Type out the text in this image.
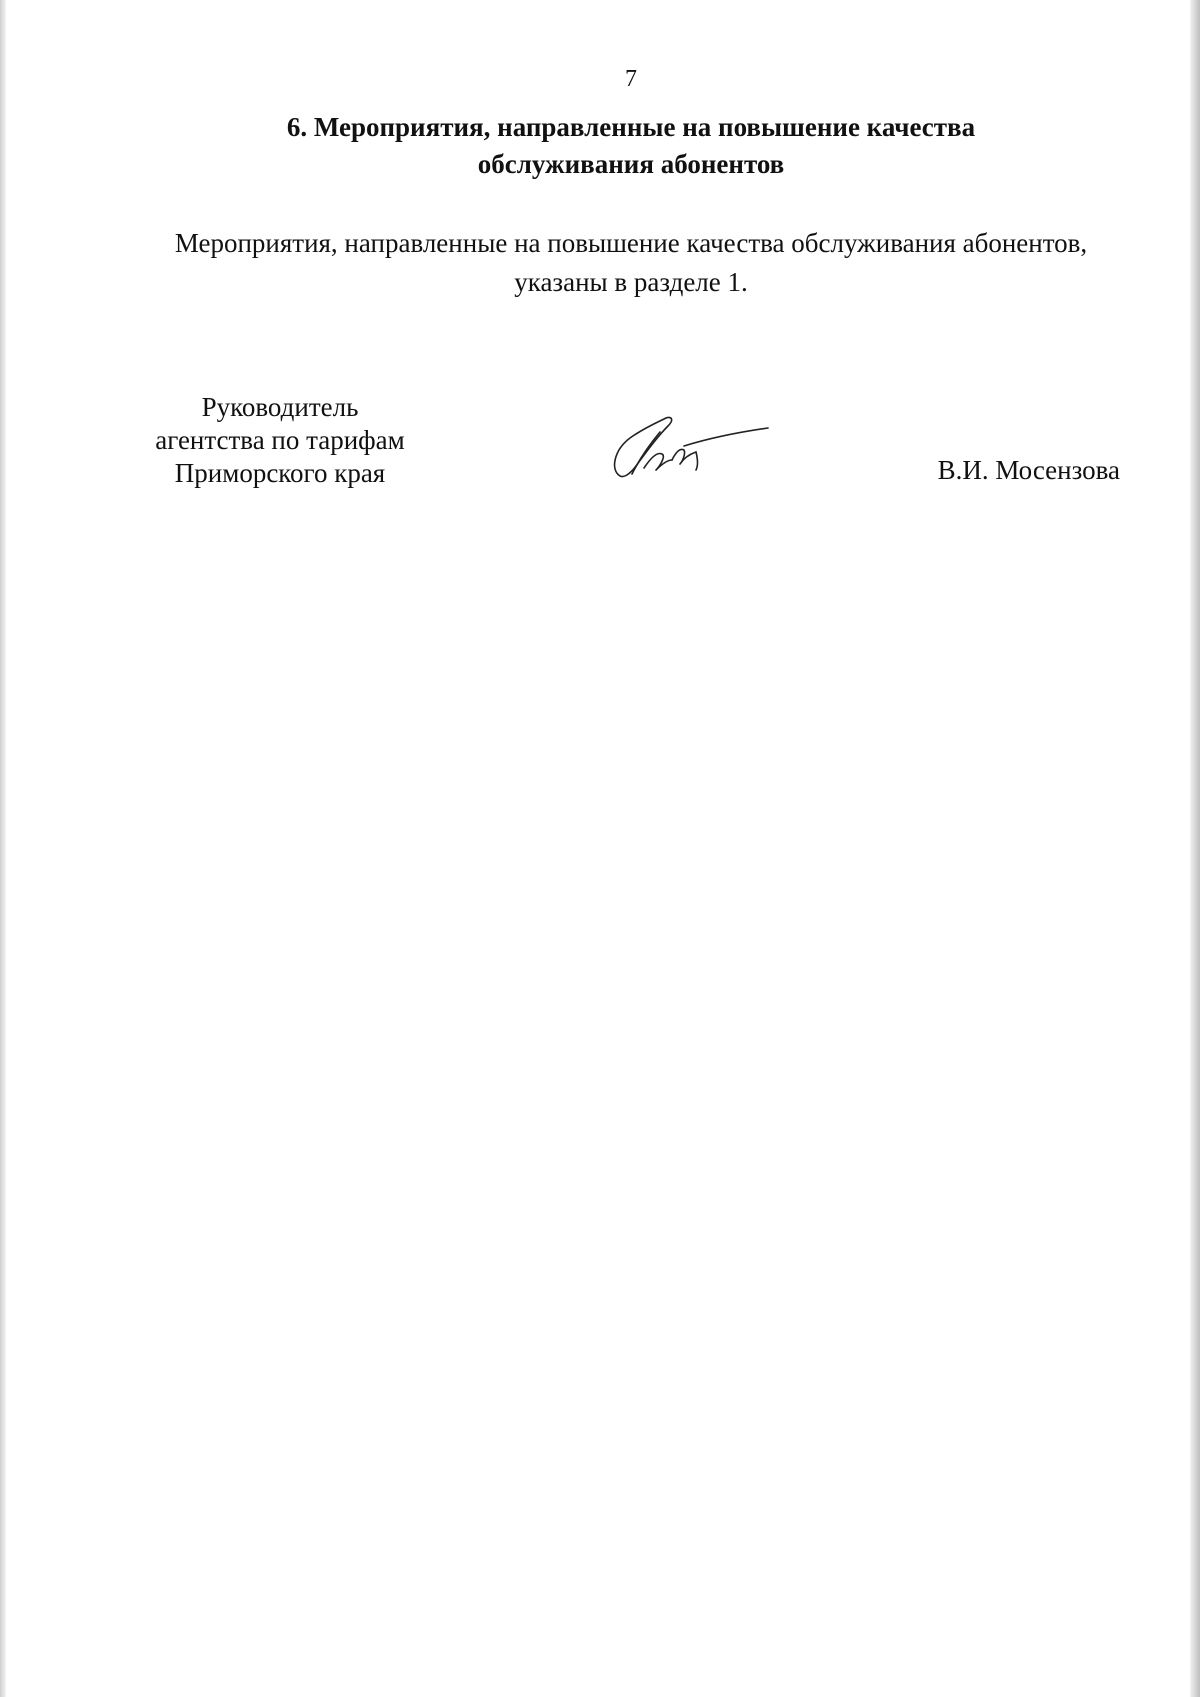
7
6. Мероприятия, направленные на повышение качества
обслуживания абонентов
Мероприятия, направленные на повышение качества обслуживания абонентов,
указаны в разделе 1.
Руководитель
агентства по тарифам
Приморского края	В.И. Мосензова
